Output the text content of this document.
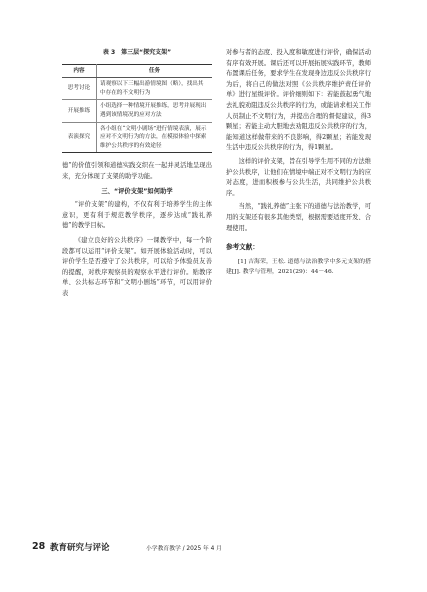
表 3　第三层“探究支架”
内容	任务
思考讨论	请观察以下三幅出游情境图（略），找出其中存在的不文明行为
开展推练	小组选择一种情境开展推练，思考并展现出遇到该情境况的应对方法
表演探究	各小组在“文明小剧场”进行情境表演，展示应对不文明行为的方法，在模拟体验中探索维护公共秩序的有效途径

德”的价值引领和道德实践交织在一起并灵活地呈现出来，充分体现了支架的助学功能。

三、“评价支架”如何助学

“评价支架”的建构，不仅有利于培养学生的主体意识，更有利于规范教学秩序，逐步达成“践礼养德”的教学目标。

《建立良好的公共秩序》一课教学中，每一个阶段都可以运用“评价支架”。如开展体验活动时，可以评价学生是否遵守了公共秩序，可以给予体验员友善的提醒，对秩序观察员的观察水平进行评价。贴教序单、公共标志环节和“文明小剧场”环节，可以用评价表

对参与者的态度、投入度和敏度进行评价，确保活动有序有效开展。课后还可以开展拓展实践环节，教师布置课后任务，要求学生在发现身边违反公共秩序行为后，将自己的做法对照《公共秩序维护责任评价单》进行星级评价。评价细则如下：若能鼓起勇气地去礼貌劝阻违反公共秩序的行为，或能请求相关工作人员制止不文明行为，并提出合理的督促建议，得3颗星；若能主动大胆地去劝阻违反公共秩序的行为，能知道这样做带来的不良影响，得2颗星；若能发现生活中违反公共秩序的行为，得1颗星。

这样的评价支架，旨在引导学生用不同的方法维护公共秩序，让他们在情境中端正对不文明行为的应对态度，进而积极参与公共生活，共同维护公共秩序。

当然，“践礼养德”主张下的道德与法治教学，可用的支架还有很多其他类型，根据需要适度开发、合理使用。

参考文献：

[1] 吉海荣，王松. 道德与法治教学中多元支架的搭建[J]. 教学与管理，2021(29)：44－46.

28 教育研究与评论	小学教育教学 / 2025 年 4 月
